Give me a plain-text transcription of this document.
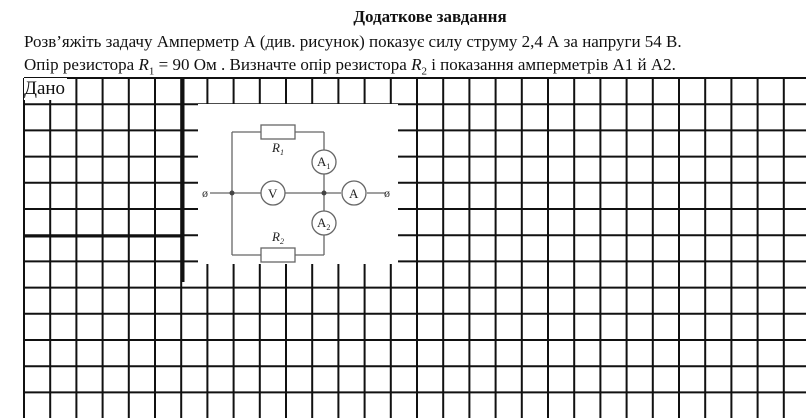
Додаткове завдання
Розв’яжіть задачу Амперметр А (див. рисунок) показує силу струму 2,4 А за напруги 54 В.
Опір резистора $R_1 = 90$ Ом . Визначте опір резистора $R_2$ і показання амперметрів А1 й А2.
Дано
ø	ø
$R_1$
$R_2$
V	A
$A_1$
$A_2$
